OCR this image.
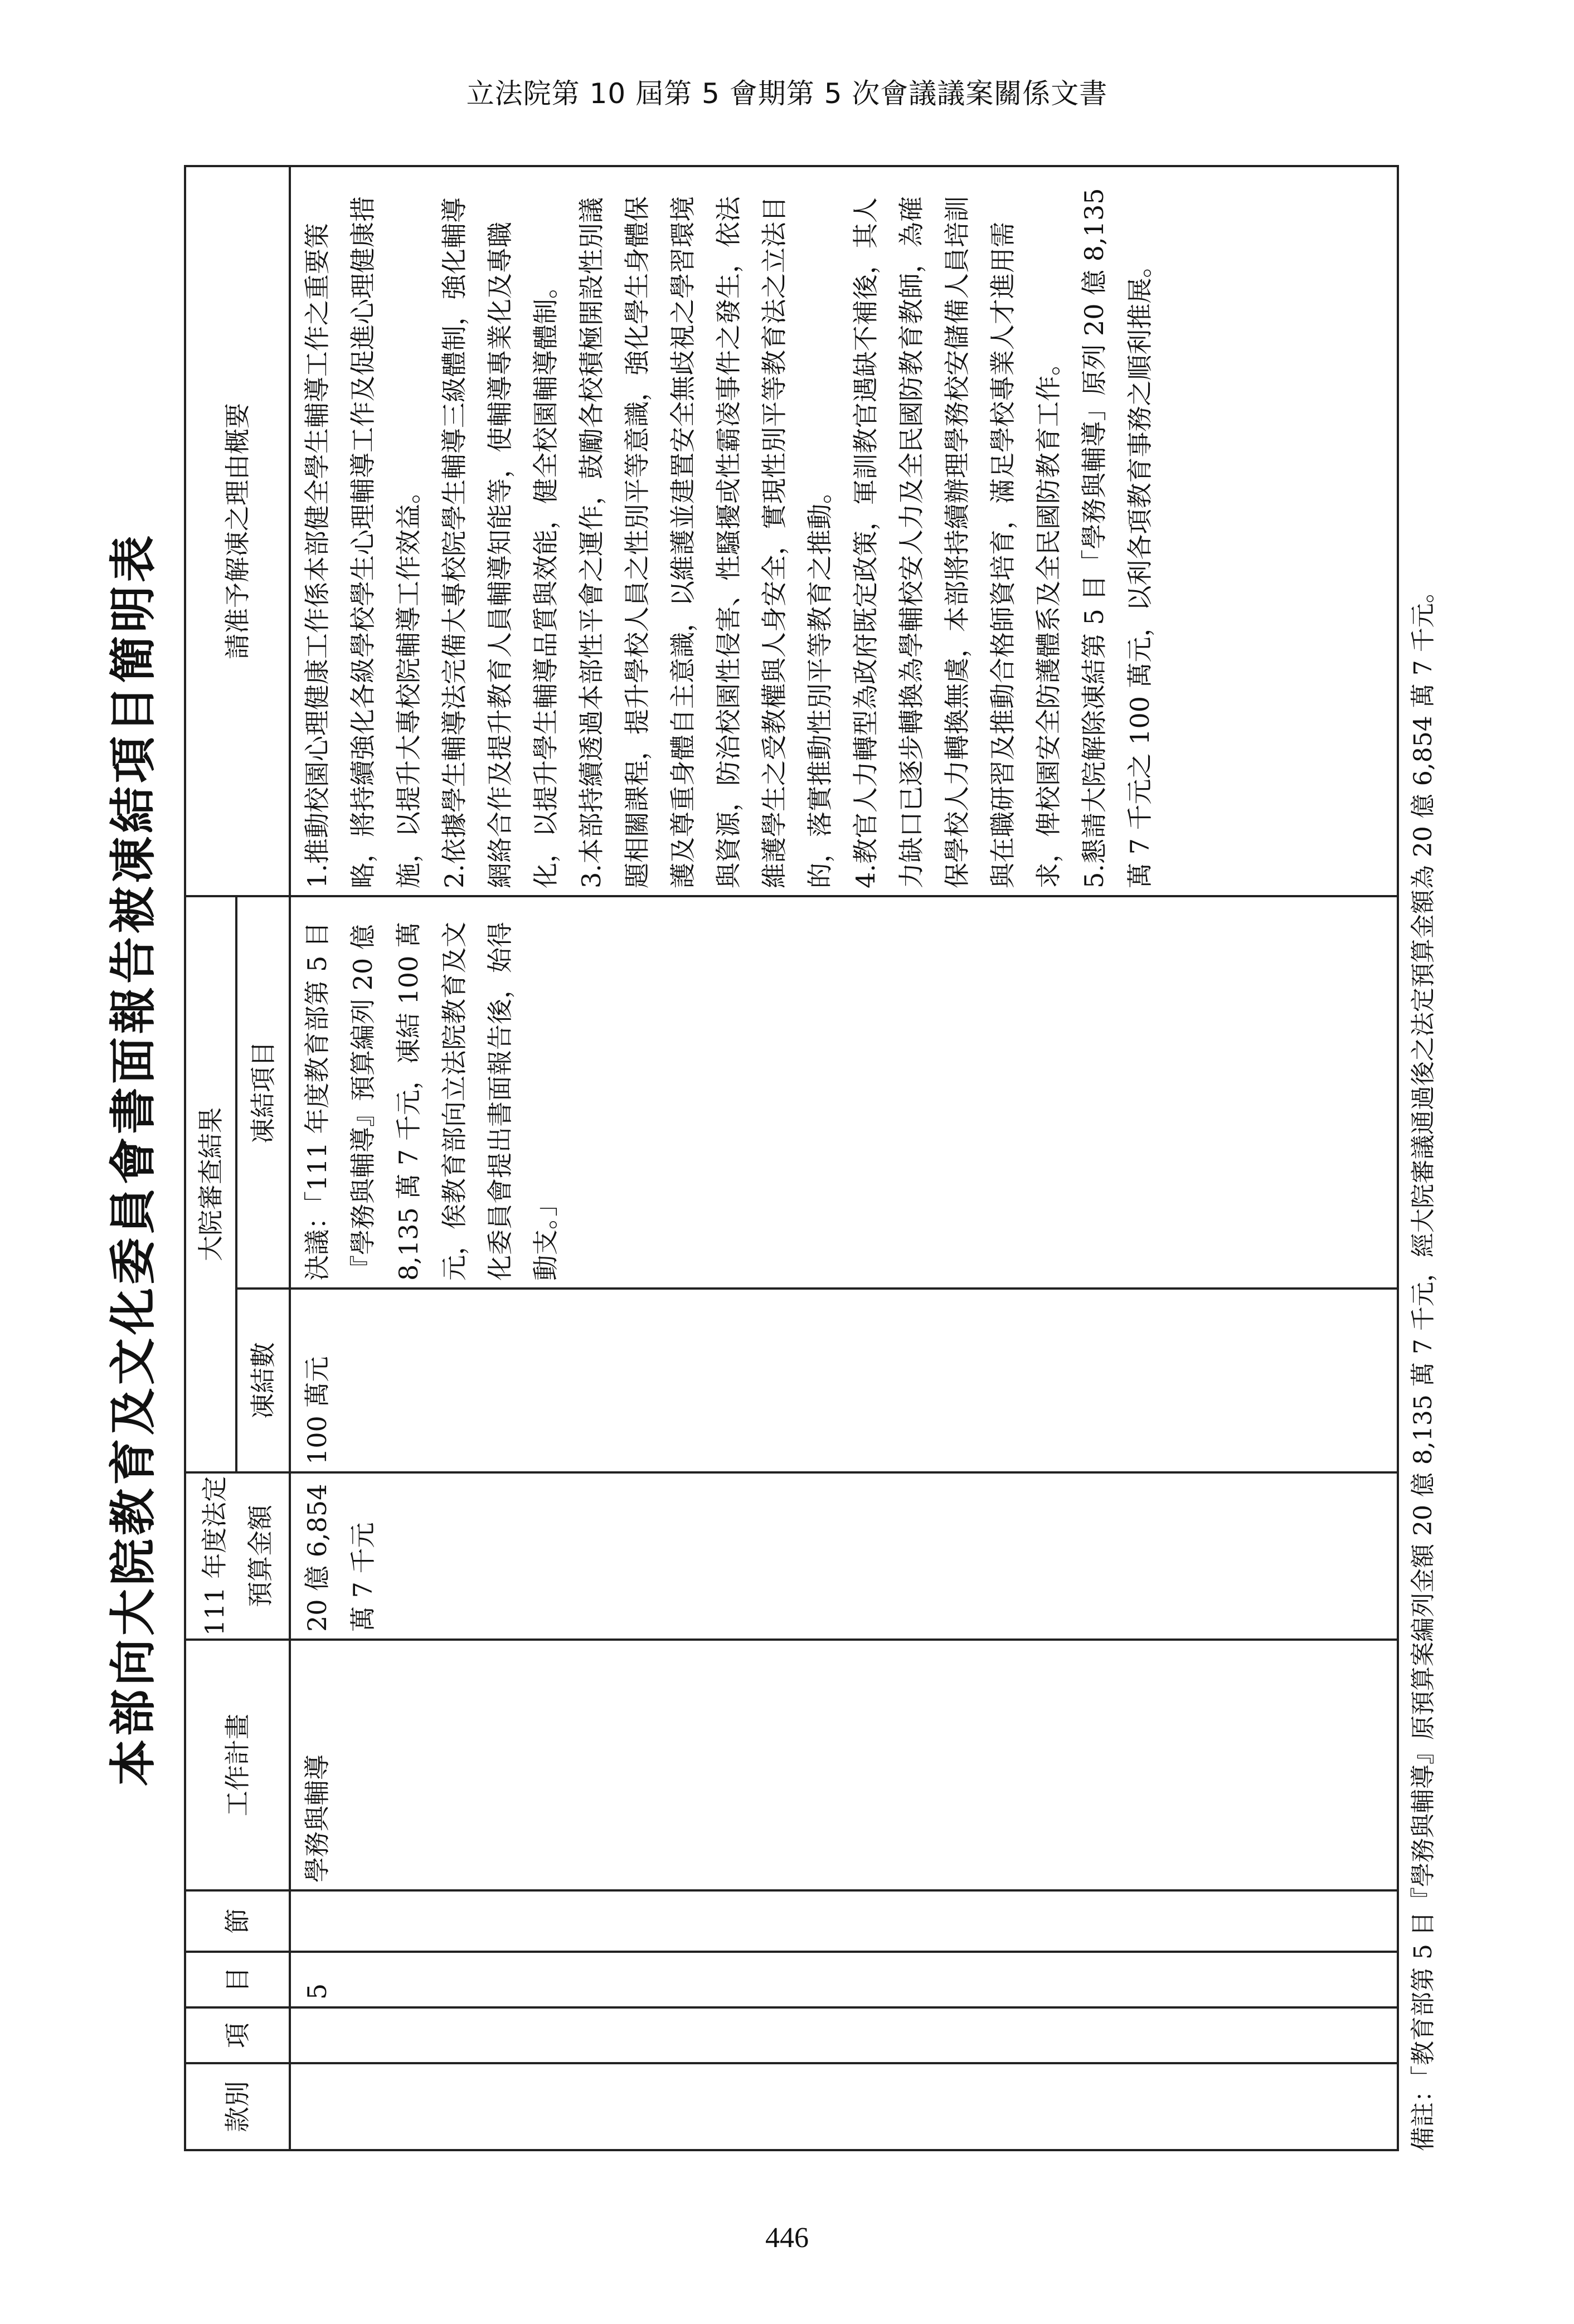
立法院第 10 屆第 5 會期第 5 次會議議案關係文書
本部向大院教育及文化委員會書面報告被凍結項目簡明表
款別	項	目	節	工作計畫	111 年度法定預算金額	大院審查結果		請准予解凍之理由概要
						凍結數	凍結項目	
		5		學務與輔導	20 億 6,854 萬 7 千元	100 萬元	決議：「111 年度教育部第 5 目『學務與輔導』預算編列 20 億 8,135 萬 7 千元，凍結 100 萬元，俟教育部向立法院教育及文化委員會提出書面報告後，始得動支。」	1.推動校園心理健康工作係本部健全學生輔導工作之重要策略，將持續強化各級學校學生心理輔導工作及促進心理健康措施，以提升大專校院輔導工作效益。 2.依據學生輔導法完備大專校院學生輔導三級體制，強化輔導網絡合作及提升教育人員輔導知能等，使輔導專業化及專職化，以提升學生輔導品質與效能，健全校園輔導體制。 3.本部持續透過本部性平會之運作，鼓勵各校積極開設性別議題相關課程，提升學校人員之性別平等意識，強化學生身體保護及尊重身體自主意識，以維護並建置安全無歧視之學習環境與資源，防治校園性侵害、性騷擾或性霸凌事件之發生，依法維護學生之受教權與人身安全，實現性別平等教育法之立法目的，落實推動性別平等教育之推動。 4.教官人力轉型為政府既定政策，軍訓教官遇缺不補後，其人力缺口已逐步轉換為學輔校安人力及全民國防教育教師，為確保學校人力轉換無虞，本部將持續辦理學務校安儲備人員培訓與在職研習及推動合格師資培育，滿足學校專業人才進用需求，俾校園安全防護體系及全民國防教育工作。 5.懇請大院解除凍結第 5 目「學務與輔導」原列 20 億 8,135 萬 7 千元之 100 萬元，以利各項教育事務之順利推展。
備註：「教育部第 5 目『學務與輔導』原預算案編列金額 20 億 8,135 萬 7 千元，經大院審議通過後之法定預算金額為 20 億 6,854 萬 7 千元。
446
